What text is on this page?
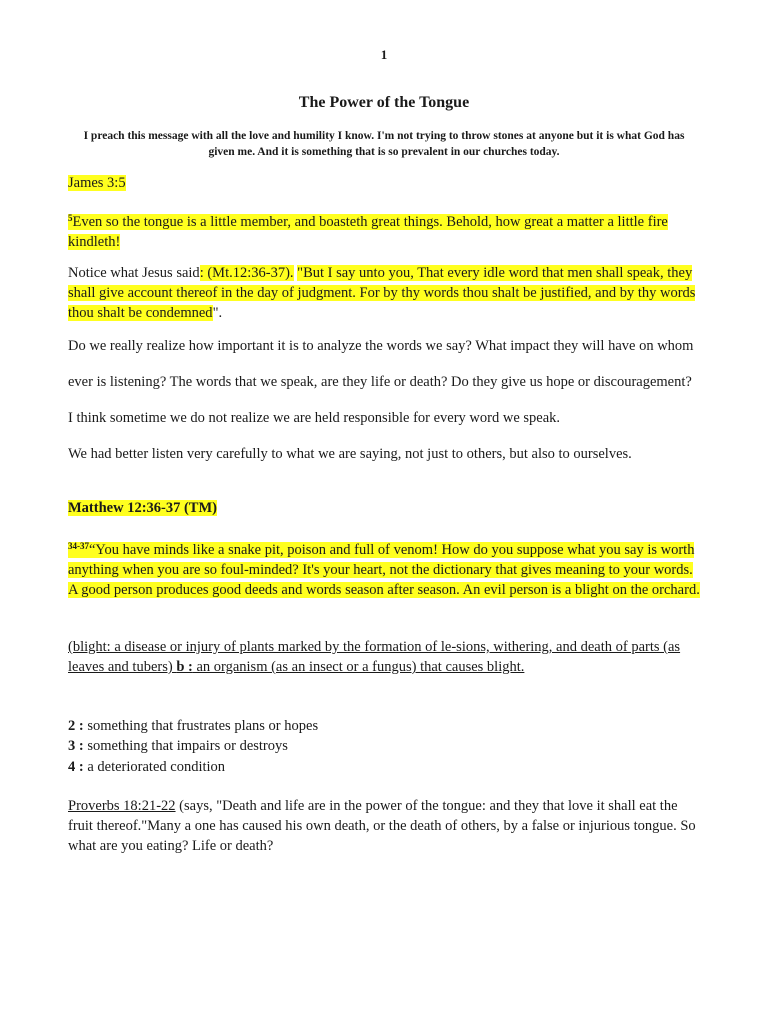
1
The Power of the Tongue
I preach this message with all the love and humility I know. I'm not trying to throw stones at anyone but it is what God has given me. And it is something that is so prevalent in our churches today.
James 3:5
$^5$Even so the tongue is a little member, and boasteth great things. Behold, how great a matter a little fire kindleth!
Notice what Jesus said: (Mt.12:36-37). "But I say unto you, That every idle word that men shall speak, they shall give account thereof in the day of judgment. For by thy words thou shalt be justified, and by thy words thou shalt be condemned".
Do we really realize how important it is to analyze the words we say? What impact they will have on whom ever is listening? The words that we speak, are they life or death? Do they give us hope or discouragement? I think sometime we do not realize we are held responsible for every word we speak.
We had better listen very carefully to what we are saying, not just to others, but also to ourselves.
Matthew 12:36-37 (TM)
$^{34-37}$“You have minds like a snake pit, poison and full of venom! How do you suppose what you say is worth anything when you are so foul-minded? It's your heart, not the dictionary that gives meaning to your words. A good person produces good deeds and words season after season. An evil person is a blight on the orchard.
(blight: a disease or injury of plants marked by the formation of le-sions, withering, and death of parts (as leaves and tubers) b : an organism (as an insect or a fungus) that causes blight.
2 : something that frustrates plans or hopes
3 : something that impairs or destroys
4 : a deteriorated condition
Proverbs 18:21-22 (says, "Death and life are in the power of the tongue: and they that love it shall eat the fruit thereof."Many a one has caused his own death, or the death of others, by a false or injurious tongue. So what are you eating? Life or death?
